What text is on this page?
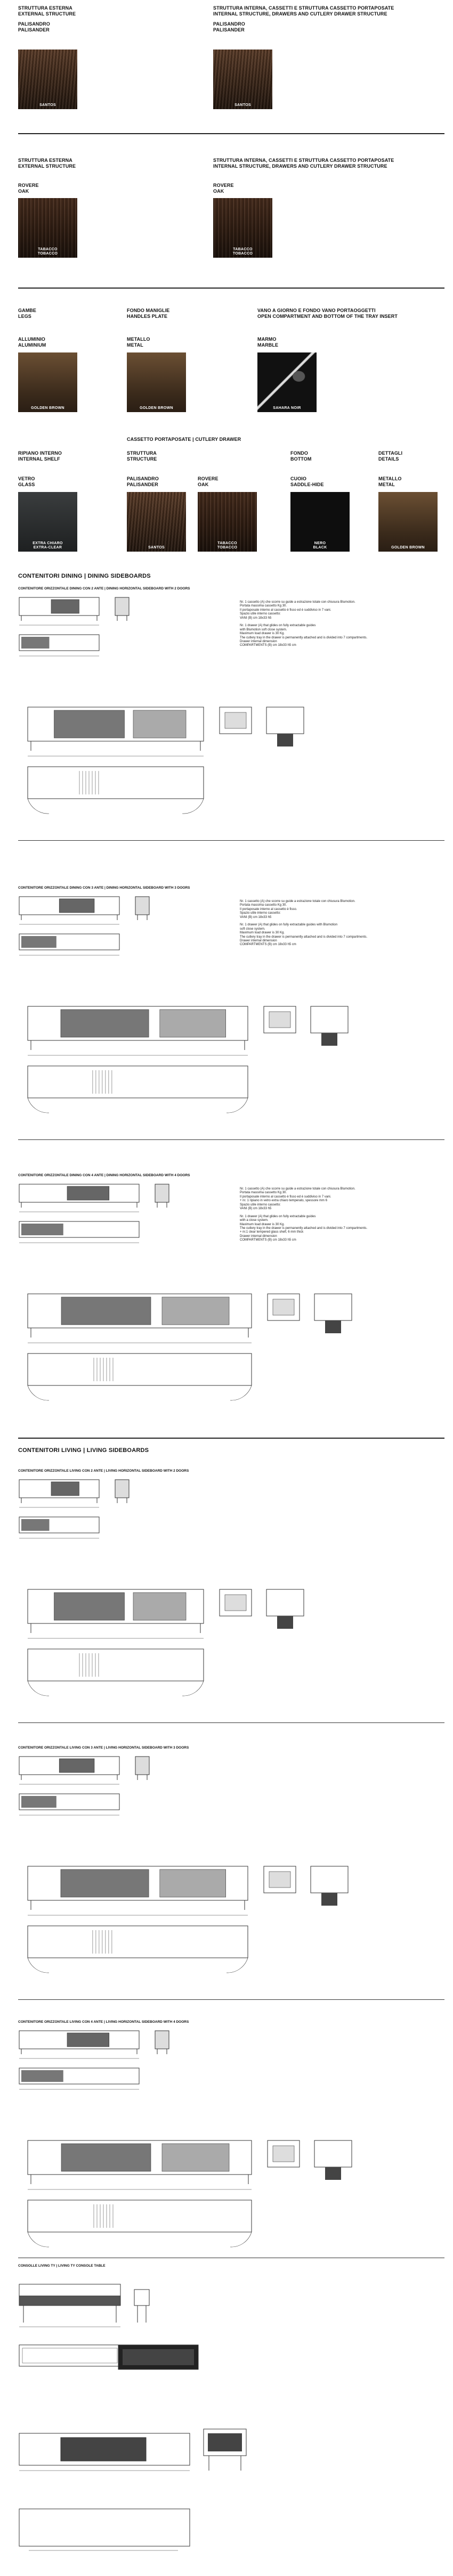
STRUTTURA ESTERNA
EXTERNAL STRUCTURE
PALISANDRO
PALISANDER
SANTOS
STRUTTURA INTERNA, CASSETTI E STRUTTURA CASSETTO PORTAPOSATE
INTERNAL STRUCTURE, DRAWERS AND CUTLERY DRAWER STRUCTURE
PALISANDRO
PALISANDER
SANTOS
STRUTTURA ESTERNA
EXTERNAL STRUCTURE
ROVERE
OAK
TABACCO
TOBACCO
STRUTTURA INTERNA, CASSETTI E STRUTTURA CASSETTO PORTAPOSATE
INTERNAL STRUCTURE, DRAWERS AND CUTLERY DRAWER STRUCTURE
ROVERE
OAK
TABACCO
TOBACCO
GAMBE
LEGS
ALLUMINIO
ALUMINIUM
GOLDEN BROWN
FONDO MANIGLIE
HANDLES PLATE
METALLO
METAL
GOLDEN BROWN
VANO A GIORNO E FONDO VANO PORTAOGGETTI
OPEN COMPARTMENT AND BOTTOM OF THE TRAY INSERT
MARMO
MARBLE
SAHARA NOIR
CASSETTO PORTAPOSATE | CUTLERY DRAWER
RIPIANO INTERNO
INTERNAL SHELF
VETRO
GLASS
EXTRA CHIARO
EXTRA-CLEAR
STRUTTURA
STRUCTURE
PALISANDRO
PALISANDER
SANTOS
ROVERE
OAK
TABACCO
TOBACCO
FONDO
BOTTOM
CUOIO
SADDLE-HIDE
NERO
BLACK
DETTAGLI
DETAILS
METALLO
METAL
GOLDEN BROWN
CONTENITORI DINING | DINING SIDEBOARDS
CONTENITORE ORIZZONTALE DINING CON 2 ANTE | DINING HORIZONTAL SIDEBOARD WITH 2 DOORS
Nr. 1 cassetto (A) che scorre su guide a estrazione totale con chiusura Blumotion.
Portata massima cassetto Kg 30.
Il portaposate interno al cassetto è fisso ed è suddiviso in 7 vani.
Spazio utile interno cassetto:
VANI (B) cm 18x33 h5

Nr. 1 drawer (A) that glides on fully extractable guides
with Blumotion soft close system.
Maximum load drawer is 30 Kg.
The cutlery tray in the drawer is permanently attached and is divided into 7 compartments.
Drawer internal dimension
COMPARTMENTS (B) cm 18x33 h5 cm
CONTENITORE ORIZZONTALE DINING CON 3 ANTE | DINING HORIZONTAL SIDEBOARD WITH 3 DOORS
Nr. 1 cassetto (A) che scorre su guide a estrazione totale con chiusura Blumotion.
Portata massima cassetto Kg 30.
Il portaposate interno al cassetto è fisso.
Spazio utile interno cassetto:
VANI (B) cm 18x33 h5

Nr. 1 drawer (A) that glides on fully extractable guides with Blumotion
soft close system.
Maximum load drawer is 30 Kg.
The cutlery tray in the drawer is permanently attached and is divided into 7 compartments.
Drawer internal dimension
COMPARTMENTS (B) cm 18x33 h5 cm
CONTENITORE ORIZZONTALE DINING CON 4 ANTE | DINING HORIZONTAL SIDEBOARD WITH 4 DOORS
Nr. 1 cassetto (A) che scorre su guide a estrazione totale con chiusura Blumotion.
Portata massima cassetto Kg 30.
Il portaposate interno al cassetto è fisso ed è suddiviso in 7 vani.
+ nr. 1 ripiano in vetro extra chiaro temperato, spessore mm 6
Spazio utile interno cassetto:
VANI (B) cm 18x33 h5

Nr. 1 drawer (A) that glides on fully extractable guides
with a close system.
Maximum load drawer is 30 Kg.
The cutlery tray in the drawer is permanently attached and is divided into 7 compartments.
+ nr.1 clear tempered glass shelf, 6 mm thick
Drawer internal dimension
COMPARTMENTS (B) cm 18x33 h5 cm
CONTENITORE ORIZZONTALE LIVING CON 2 ANTE | LIVING HORIZONTAL SIDEBOARD WITH 2 DOORS
CONTENITORE ORIZZONTALE LIVING CON 3 ANTE | LIVING HORIZONTAL SIDEBOARD WITH 3 DOORS
CONTENITORE ORIZZONTALE LIVING CON 4 ANTE | LIVING HORIZONTAL SIDEBOARD WITH 4 DOORS
CONTENITORI LIVING | LIVING SIDEBOARDS
CONSOLLE LIVING TY | LIVING TY CONSOLE TABLE
